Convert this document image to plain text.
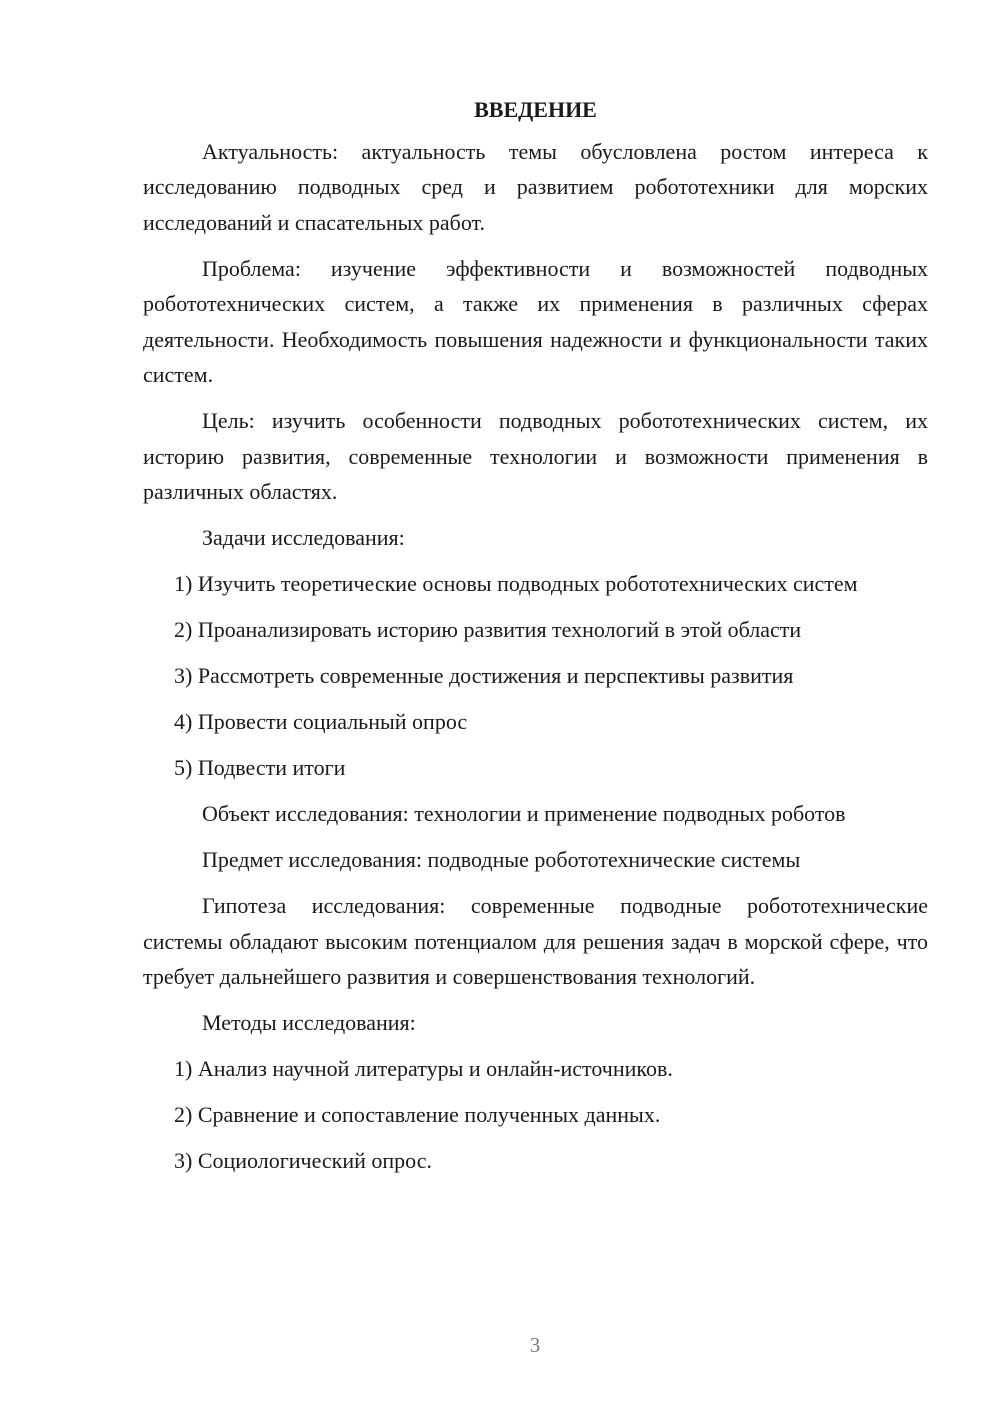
ВВЕДЕНИЕ

Актуальность: актуальность темы обусловлена ростом интереса к исследованию подводных сред и развитием робототехники для морских исследований и спасательных работ.

Проблема: изучение эффективности и возможностей подводных робототехнических систем, а также их применения в различных сферах деятельности. Необходимость повышения надежности и функциональности таких систем.

Цель: изучить особенности подводных робототехнических систем, их историю развития, современные технологии и возможности применения в различных областях.

Задачи исследования:

1) Изучить теоретические основы подводных робототехнических систем

2) Проанализировать историю развития технологий в этой области

3) Рассмотреть современные достижения и перспективы развития

4) Провести социальный опрос

5) Подвести итоги

Объект исследования: технологии и применение подводных роботов

Предмет исследования: подводные робототехнические системы

Гипотеза исследования: современные подводные робототехнические системы обладают высоким потенциалом для решения задач в морской сфере, что требует дальнейшего развития и совершенствования технологий.

Методы исследования:

1) Анализ научной литературы и онлайн-источников.

2) Сравнение и сопоставление полученных данных.

3) Социологический опрос.

3
